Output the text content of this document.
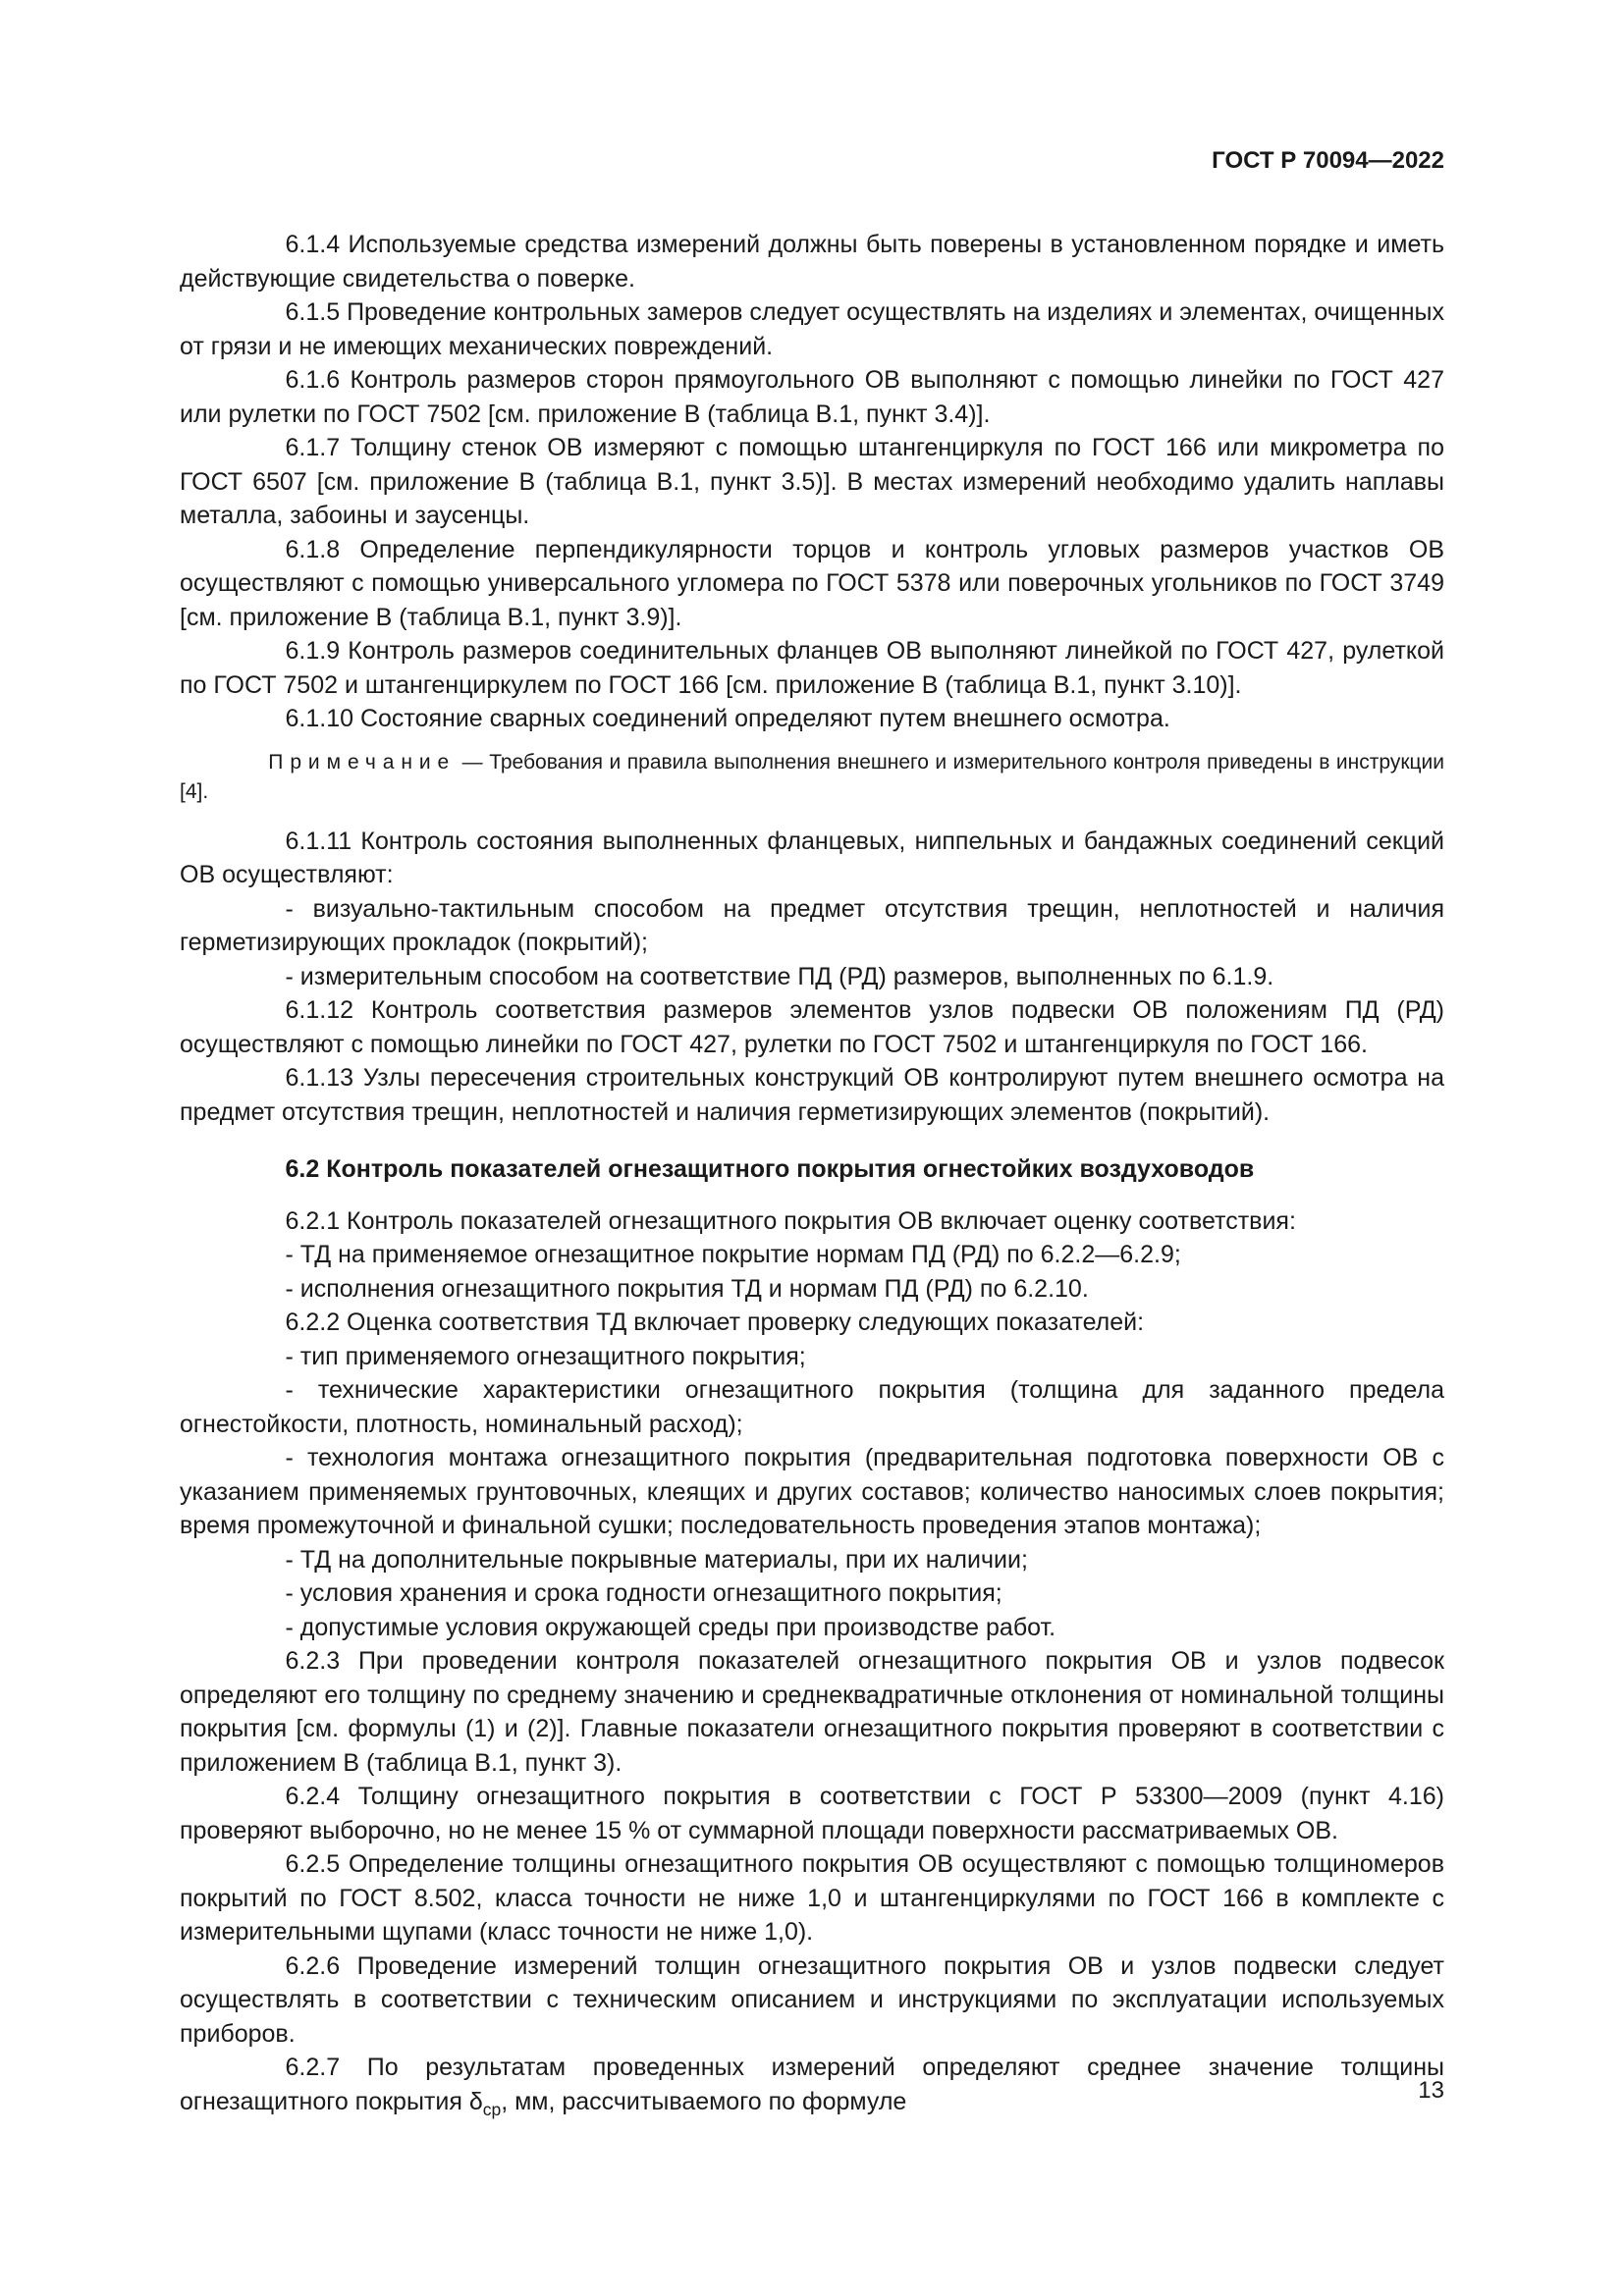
ГОСТ Р 70094—2022

6.1.4 Используемые средства измерений должны быть поверены в установленном порядке и иметь действующие свидетельства о поверке.

6.1.5 Проведение контрольных замеров следует осуществлять на изделиях и элементах, очищенных от грязи и не имеющих механических повреждений.

6.1.6 Контроль размеров сторон прямоугольного ОВ выполняют с помощью линейки по ГОСТ 427 или рулетки по ГОСТ 7502 [см. приложение В (таблица В.1, пункт 3.4)].

6.1.7 Толщину стенок ОВ измеряют с помощью штангенциркуля по ГОСТ 166 или микрометра по ГОСТ 6507 [см. приложение В (таблица В.1, пункт 3.5)]. В местах измерений необходимо удалить наплавы металла, забоины и заусенцы.

6.1.8 Определение перпендикулярности торцов и контроль угловых размеров участков ОВ осуществляют с помощью универсального угломера по ГОСТ 5378 или поверочных угольников по ГОСТ 3749 [см. приложение В (таблица В.1, пункт 3.9)].

6.1.9 Контроль размеров соединительных фланцев ОВ выполняют линейкой по ГОСТ 427, рулеткой по ГОСТ 7502 и штангенциркулем по ГОСТ 166 [см. приложение В (таблица В.1, пункт 3.10)].

6.1.10 Состояние сварных соединений определяют путем внешнего осмотра.

Примечание — Требования и правила выполнения внешнего и измерительного контроля приведены в инструкции [4].

6.1.11 Контроль состояния выполненных фланцевых, ниппельных и бандажных соединений секций ОВ осуществляют:

- визуально-тактильным способом на предмет отсутствия трещин, неплотностей и наличия герметизирующих прокладок (покрытий);

- измерительным способом на соответствие ПД (РД) размеров, выполненных по 6.1.9.

6.1.12 Контроль соответствия размеров элементов узлов подвески ОВ положениям ПД (РД) осуществляют с помощью линейки по ГОСТ 427, рулетки по ГОСТ 7502 и штангенциркуля по ГОСТ 166.

6.1.13 Узлы пересечения строительных конструкций ОВ контролируют путем внешнего осмотра на предмет отсутствия трещин, неплотностей и наличия герметизирующих элементов (покрытий).

6.2 Контроль показателей огнезащитного покрытия огнестойких воздуховодов

6.2.1 Контроль показателей огнезащитного покрытия ОВ включает оценку соответствия:

- ТД на применяемое огнезащитное покрытие нормам ПД (РД) по 6.2.2—6.2.9;

- исполнения огнезащитного покрытия ТД и нормам ПД (РД) по 6.2.10.

6.2.2 Оценка соответствия ТД включает проверку следующих показателей:

- тип применяемого огнезащитного покрытия;

- технические характеристики огнезащитного покрытия (толщина для заданного предела огнестойкости, плотность, номинальный расход);

- технология монтажа огнезащитного покрытия (предварительная подготовка поверхности ОВ с указанием применяемых грунтовочных, клеящих и других составов; количество наносимых слоев покрытия; время промежуточной и финальной сушки; последовательность проведения этапов монтажа);

- ТД на дополнительные покрывные материалы, при их наличии;

- условия хранения и срока годности огнезащитного покрытия;

- допустимые условия окружающей среды при производстве работ.

6.2.3 При проведении контроля показателей огнезащитного покрытия ОВ и узлов подвесок определяют его толщину по среднему значению и среднеквадратичные отклонения от номинальной толщины покрытия [см. формулы (1) и (2)]. Главные показатели огнезащитного покрытия проверяют в соответствии с приложением В (таблица В.1, пункт 3).

6.2.4 Толщину огнезащитного покрытия в соответствии с ГОСТ Р 53300—2009 (пункт 4.16) проверяют выборочно, но не менее 15 % от суммарной площади поверхности рассматриваемых ОВ.

6.2.5 Определение толщины огнезащитного покрытия ОВ осуществляют с помощью толщиномеров покрытий по ГОСТ 8.502, класса точности не ниже 1,0 и штангенциркулями по ГОСТ 166 в комплекте с измерительными щупами (класс точности не ниже 1,0).

6.2.6 Проведение измерений толщин огнезащитного покрытия ОВ и узлов подвески следует осуществлять в соответствии с техническим описанием и инструкциями по эксплуатации используемых приборов.

6.2.7 По результатам проведенных измерений определяют среднее значение толщины огнезащитного покрытия $\delta_{ср}$, мм, рассчитываемого по формуле	13
